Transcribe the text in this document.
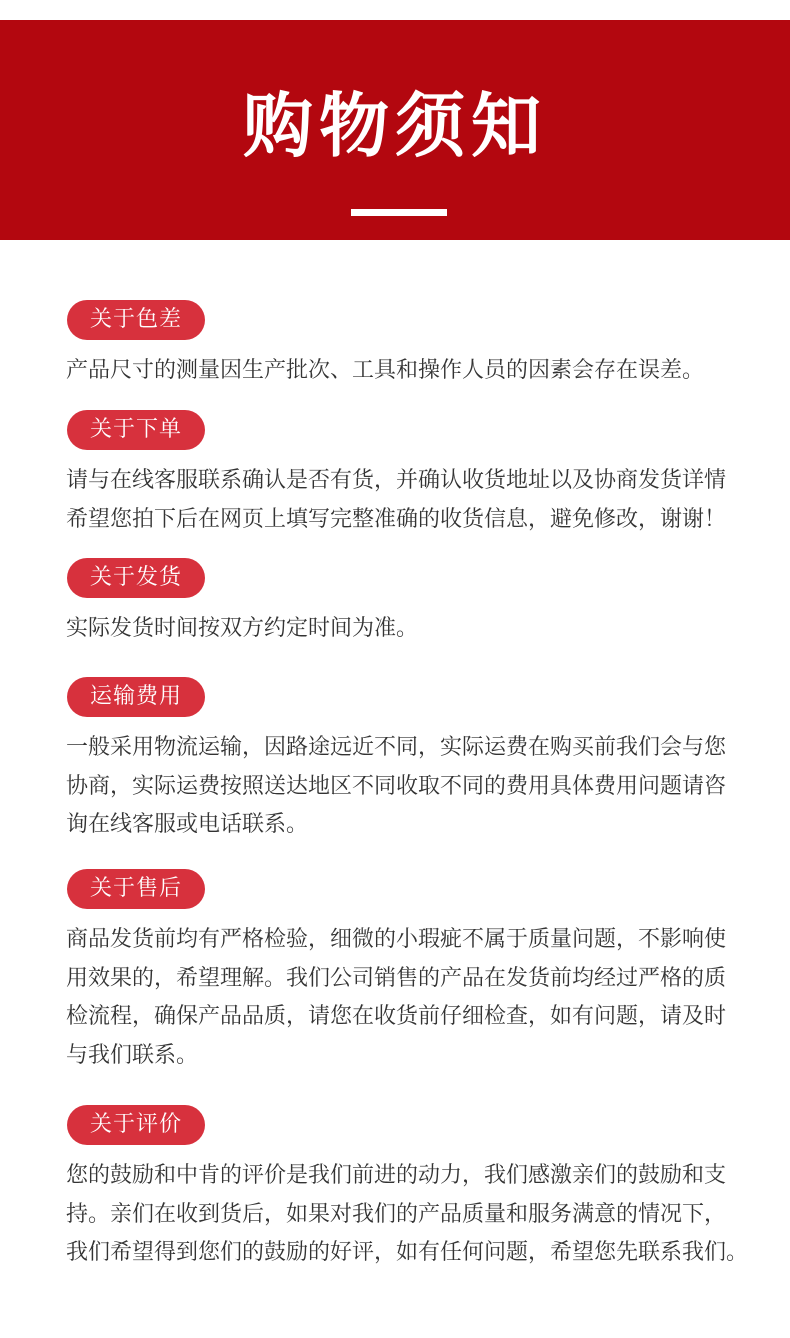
购物须知
关于色差
产品尺寸的测量因生产批次、工具和操作人员的因素会存在误差。
关于下单
请与在线客服联系确认是否有货，并确认收货地址以及协商发货详情
希望您拍下后在网页上填写完整准确的收货信息，避免修改，谢谢！
关于发货
实际发货时间按双方约定时间为准。
运输费用
一般采用物流运输，因路途远近不同，实际运费在购买前我们会与您
协商，实际运费按照送达地区不同收取不同的费用具体费用问题请咨
询在线客服或电话联系。
关于售后
商品发货前均有严格检验，细微的小瑕疵不属于质量问题，不影响使
用效果的，希望理解。我们公司销售的产品在发货前均经过严格的质
检流程，确保产品品质，请您在收货前仔细检查，如有问题，请及时
与我们联系。
关于评价
您的鼓励和中肯的评价是我们前进的动力，我们感激亲们的鼓励和支
持。亲们在收到货后，如果对我们的产品质量和服务满意的情况下，
我们希望得到您们的鼓励的好评，如有任何问题，希望您先联系我们。
